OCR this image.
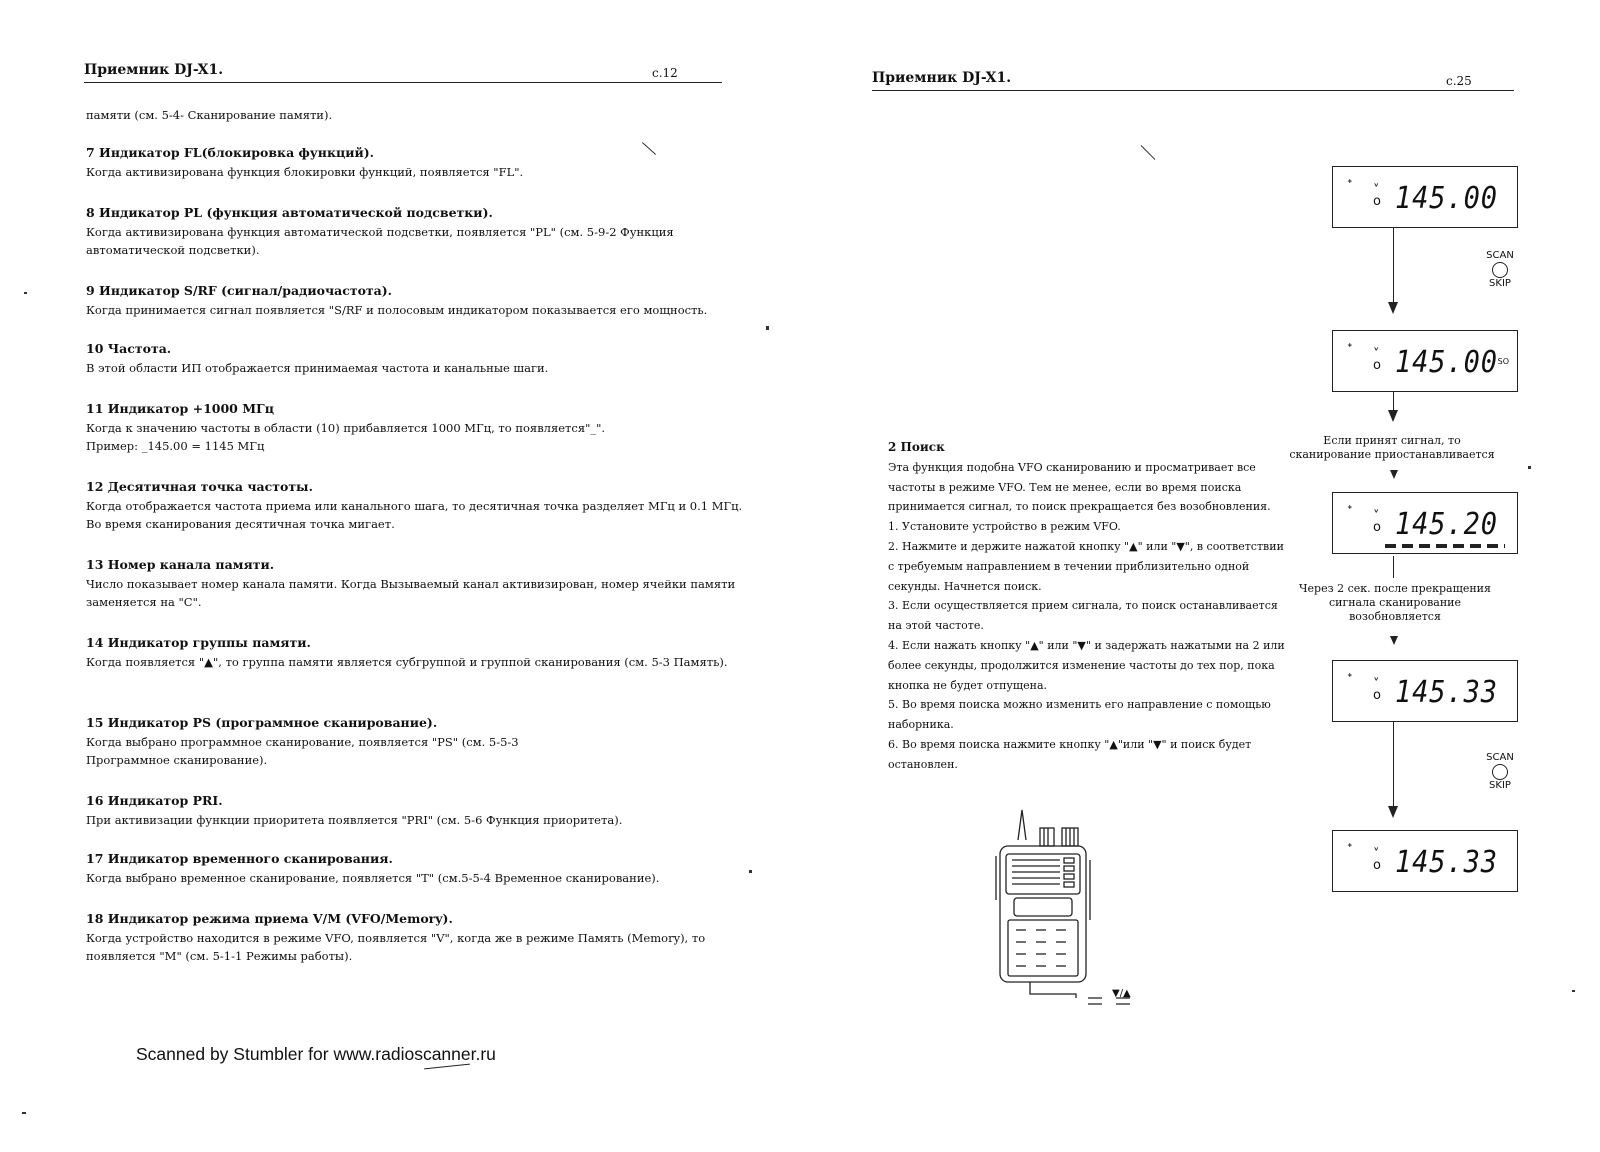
Приемник DJ-X1.	с.12

памяти (см. 5-4- Сканирование памяти).

7 Индикатор FL(блокировка функций).

Когда активизирована функция блокировки функций, появляется "FL".

8 Индикатор PL (функция автоматической подсветки).

Когда активизирована функция автоматической подсветки, появляется "PL" (см. 5-9-2 Функция автоматической подсветки).

9 Индикатор S/RF (сигнал/радиочастота).

Когда принимается сигнал появляется "S/RF и полосовым индикатором показывается его мощность.

10 Частота.

В этой области ИП отображается принимаемая частота и канальные шаги.

11 Индикатор +1000 МГц

Когда к значению частоты в области (10) прибавляется 1000 МГц, то появляется"_".
Пример: _145.00 = 1145 МГц

12 Десятичная точка частоты.

Когда отображается частота приема или канального шага, то десятичная точка разделяет МГц и 0.1 МГц. Во время сканирования десятичная точка мигает.

13 Номер канала памяти.

Число показывает номер канала памяти. Когда Вызываемый канал активизирован, номер ячейки памяти заменяется на "C".

14 Индикатор группы памяти.

Когда появляется "▲", то группа памяти является субгруппой и группой сканирования (см. 5-3 Память).

15 Индикатор PS (программное сканирование).

Когда выбрано программное сканирование, появляется "PS" (см. 5-5-3
Программное сканирование).

16 Индикатор PRI.

При активизации функции приоритета появляется "PRI" (см. 5-6 Функция приоритета).

17 Индикатор временного сканирования.

Когда выбрано временное сканирование, появляется "T" (см.5-5-4 Временное сканирование).

18 Индикатор режима приема V/M (VFO/Memory).

Когда устройство находится в режиме VFO, появляется "V", когда же в режиме Память (Memory), то появляется "M" (см. 5-1-1 Режимы работы).

Scanned by Stumbler for www.radioscanner.ru
Приемник DJ-X1.	с.25

2 Поиск

Эта функция подобна VFO сканированию и просматривает все частоты в режиме VFO. Тем не менее, если во время поиска принимается сигнал, то поиск прекращается без возобновления.

1. Установите устройство в режим VFO.

2. Нажмите и держите нажатой кнопку "▲" или "▼", в соответствии с требуемым направлением в течении приблизительно одной секунды. Начнется поиск.

3. Если осуществляется прием сигнала, то поиск останавливается на этой частоте.

4. Если нажать кнопку "▲" или "▼" и задержать нажатыми на 2 или более секунды, продолжится изменение частоты до тех пор, пока кнопка не будет отпущена.

5. Во время поиска можно изменить его направление с помощью наборника.

6. Во время поиска нажмите кнопку "▲"или "▼" и поиск будет остановлен.

ᐩ ˅
o 145.00
SCAN
SKIP
ᐩ ˅
o 145.00 SO
Если принят сигнал, то сканирование приостанавливается
ᐩ ˅
o 145.20
Через 2 сек. после прекращения сигнала сканирование возобновляется
ᐩ ˅
o 145.33
SCAN
SKIP
ᐩ ˅
o 145.33
▼/▲
